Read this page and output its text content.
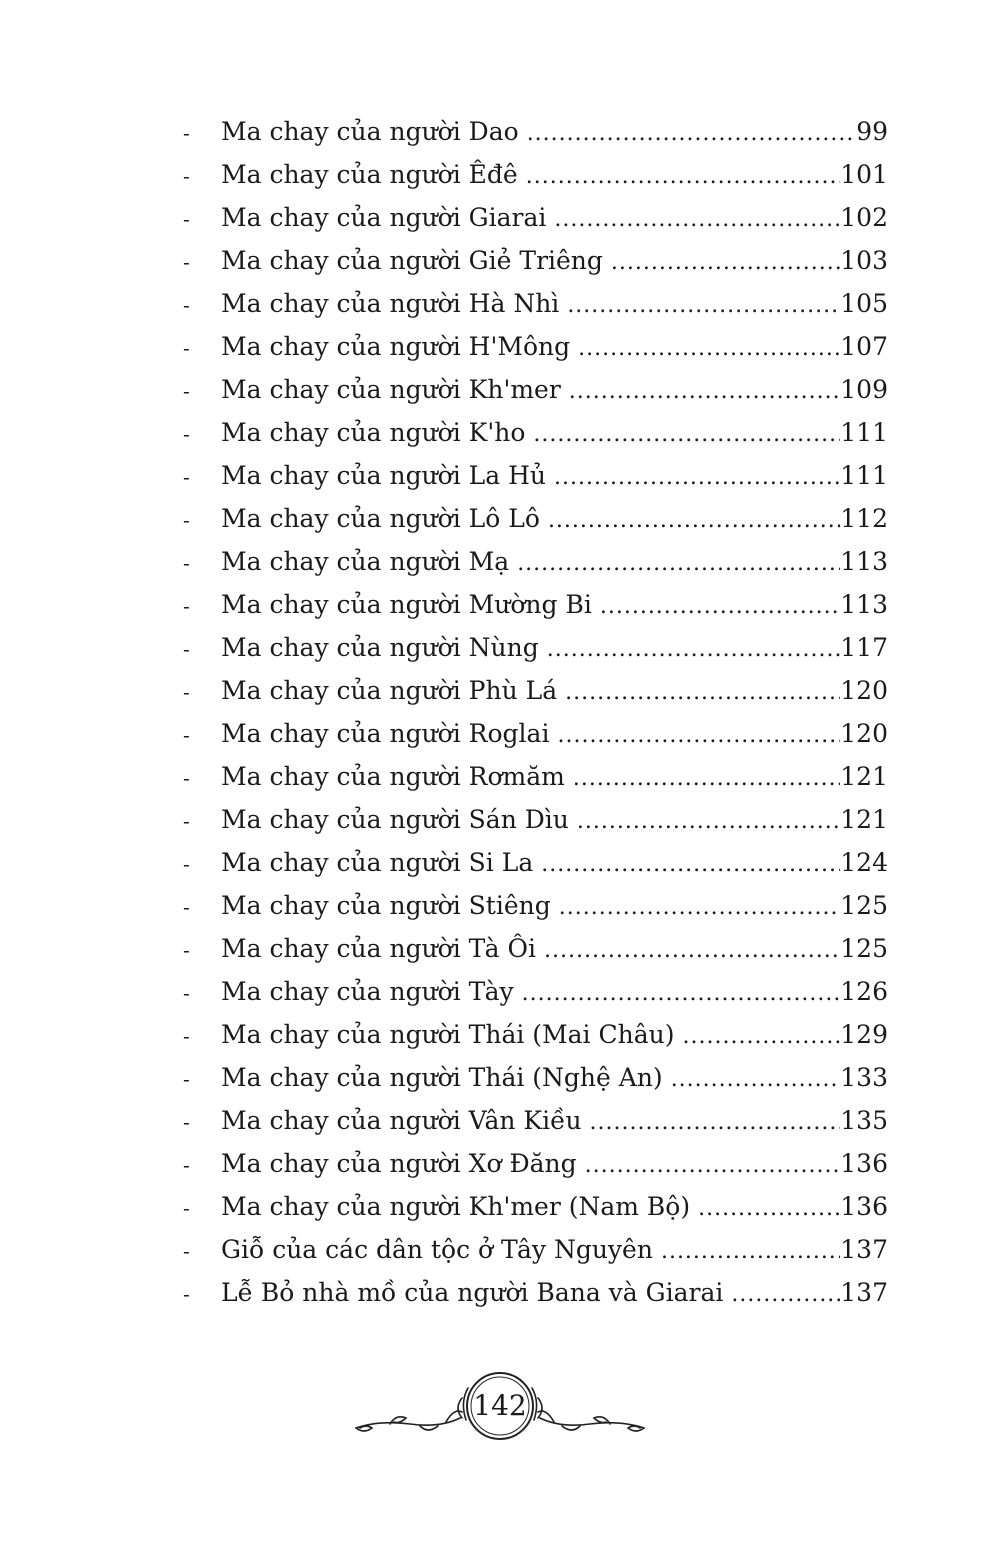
-	Ma chay của người Dao .....	99
-	Ma chay của người Êđê .....	101
-	Ma chay của người Giarai .....	102
-	Ma chay của người Giẻ Triêng .....	103
-	Ma chay của người Hà Nhì .....	105
-	Ma chay của người H'Mông .....	107
-	Ma chay của người Kh'mer .....	109
-	Ma chay của người K'ho .....	111
-	Ma chay của người La Hủ .....	111
-	Ma chay của người Lô Lô .....	112
-	Ma chay của người Mạ .....	113
-	Ma chay của người Mường Bi .....	113
-	Ma chay của người Nùng .....	117
-	Ma chay của người Phù Lá .....	120
-	Ma chay của người Roglai .....	120
-	Ma chay của người Rơmăm .....	121
-	Ma chay của người Sán Dìu .....	121
-	Ma chay của người Si La .....	124
-	Ma chay của người Stiêng .....	125
-	Ma chay của người Tà Ôi .....	125
-	Ma chay của người Tày .....	126
-	Ma chay của người Thái (Mai Châu) .....	129
-	Ma chay của người Thái (Nghệ An) .....	133
-	Ma chay của người Vân Kiều .....	135
-	Ma chay của người Xơ Đăng .....	136
-	Ma chay của người Kh'mer (Nam Bộ) .....	136
-	Giỗ của các dân tộc ở Tây Nguyên .....	137
-	Lễ Bỏ nhà mồ của người Bana và Giarai .....	137
142
